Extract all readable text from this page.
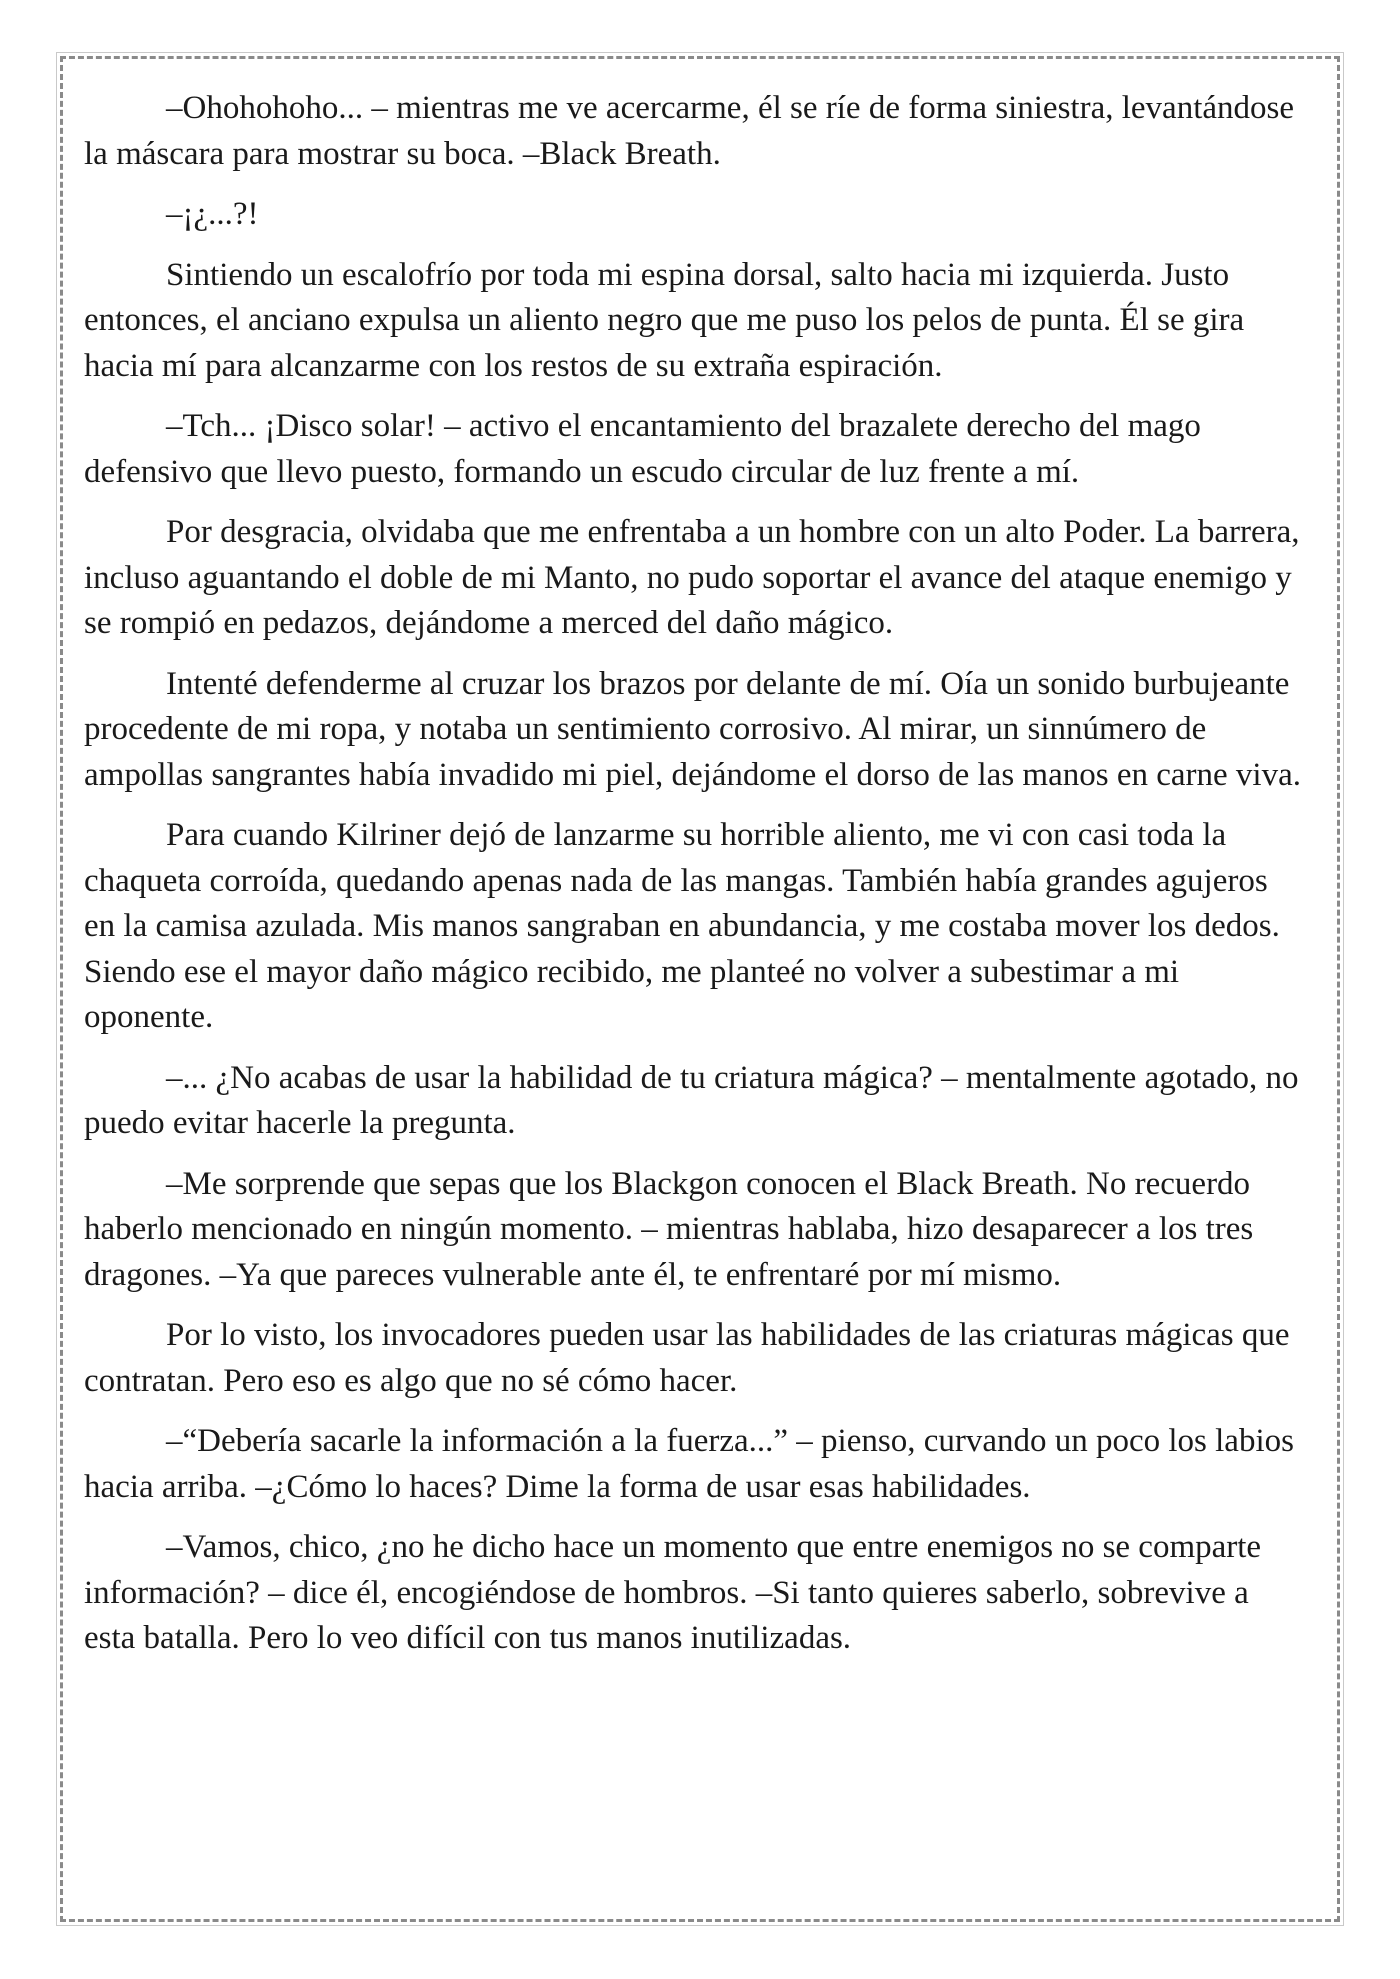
–Ohohohoho... – mientras me ve acercarme, él se ríe de forma siniestra, levantándose la máscara para mostrar su boca. –Black Breath.

–¡¿...?!

Sintiendo un escalofrío por toda mi espina dorsal, salto hacia mi izquierda. Justo entonces, el anciano expulsa un aliento negro que me puso los pelos de punta. Él se gira hacia mí para alcanzarme con los restos de su extraña espiración.

–Tch... ¡Disco solar! – activo el encantamiento del brazalete derecho del mago defensivo que llevo puesto, formando un escudo circular de luz frente a mí.

Por desgracia, olvidaba que me enfrentaba a un hombre con un alto Poder. La barrera, incluso aguantando el doble de mi Manto, no pudo soportar el avance del ataque enemigo y se rompió en pedazos, dejándome a merced del daño mágico.

Intenté defenderme al cruzar los brazos por delante de mí. Oía un sonido burbujeante procedente de mi ropa, y notaba un sentimiento corrosivo. Al mirar, un sinnúmero de ampollas sangrantes había invadido mi piel, dejándome el dorso de las manos en carne viva.

Para cuando Kilriner dejó de lanzarme su horrible aliento, me vi con casi toda la chaqueta corroída, quedando apenas nada de las mangas. También había grandes agujeros en la camisa azulada. Mis manos sangraban en abundancia, y me costaba mover los dedos. Siendo ese el mayor daño mágico recibido, me planteé no volver a subestimar a mi oponente.

–... ¿No acabas de usar la habilidad de tu criatura mágica? – mentalmente agotado, no puedo evitar hacerle la pregunta.

–Me sorprende que sepas que los Blackgon conocen el Black Breath. No recuerdo haberlo mencionado en ningún momento. – mientras hablaba, hizo desaparecer a los tres dragones. –Ya que pareces vulnerable ante él, te enfrentaré por mí mismo.

Por lo visto, los invocadores pueden usar las habilidades de las criaturas mágicas que contratan. Pero eso es algo que no sé cómo hacer.

–“Debería sacarle la información a la fuerza...” – pienso, curvando un poco los labios hacia arriba. –¿Cómo lo haces? Dime la forma de usar esas habilidades.

–Vamos, chico, ¿no he dicho hace un momento que entre enemigos no se comparte información? – dice él, encogiéndose de hombros. –Si tanto quieres saberlo, sobrevive a esta batalla. Pero lo veo difícil con tus manos inutilizadas.
